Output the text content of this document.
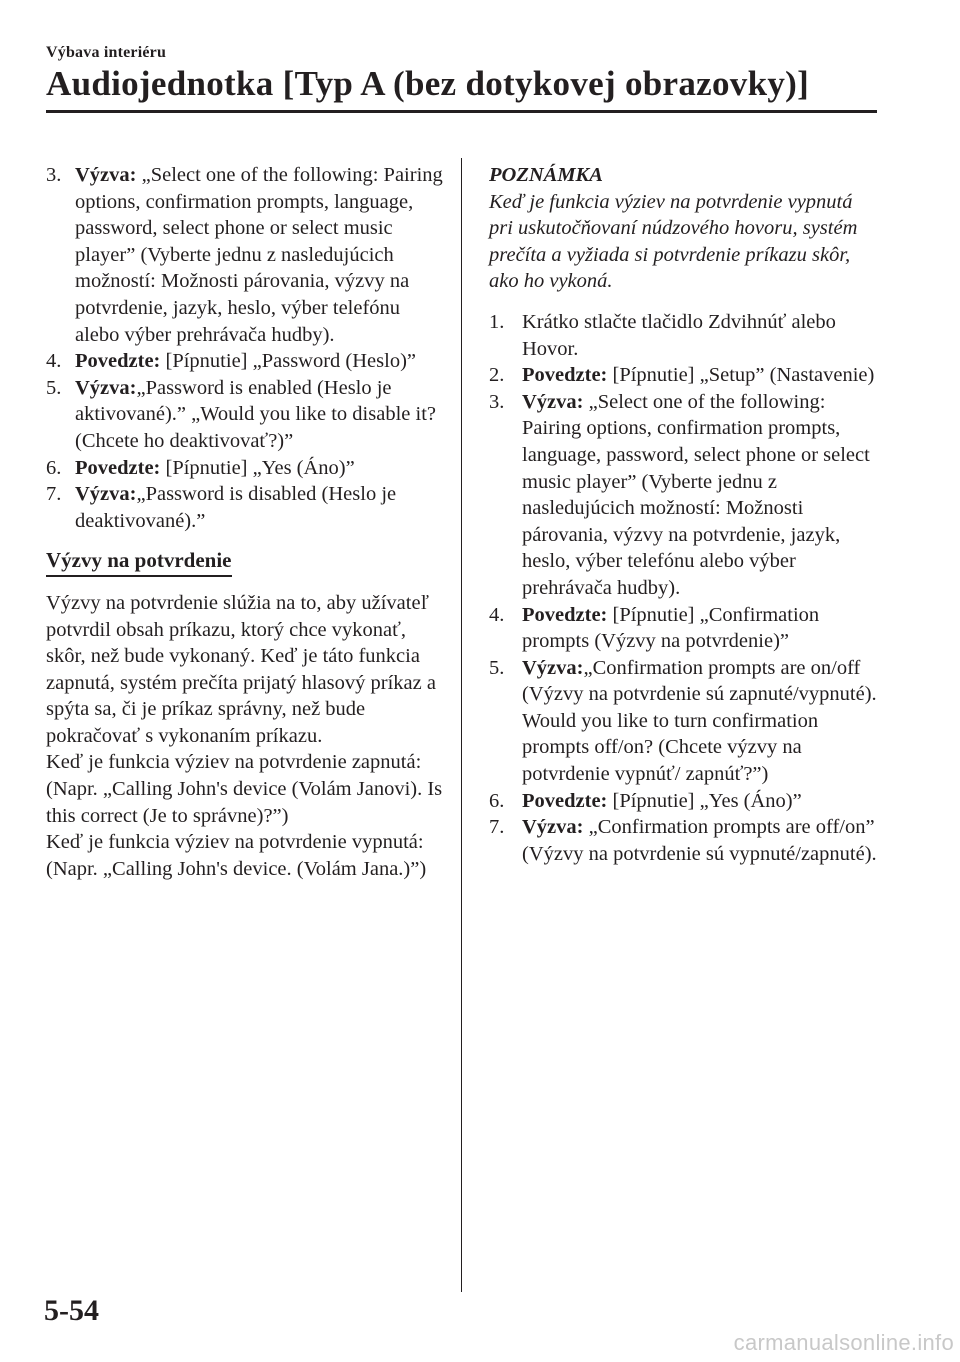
Výbava interiéru
Audiojednotka [Typ A (bez dotykovej obrazovky)]
3. Výzva: „Select one of the following: Pairing options, confirmation prompts, language, password, select phone or select music player” (Vyberte jednu z nasledujúcich možností: Možnosti párovania, výzvy na potvrdenie, jazyk, heslo, výber telefónu alebo výber prehrávača hudby).
4. Povedzte: [Pípnutie] „Password (Heslo)”
5. Výzva:„Password is enabled (Heslo je aktivované).” „Would you like to disable it? (Chcete ho deaktivovať?)”
6. Povedzte: [Pípnutie] „Yes (Áno)”
7. Výzva:„Password is disabled (Heslo je deaktivované).”
Výzvy na potvrdenie
Výzvy na potvrdenie slúžia na to, aby užívateľ potvrdil obsah príkazu, ktorý chce vykonať, skôr, než bude vykonaný. Keď je táto funkcia zapnutá, systém prečíta prijatý hlasový príkaz a spýta sa, či je príkaz správny, než bude pokračovať s vykonaním príkazu.
Keď je funkcia výziev na potvrdenie zapnutá:
(Napr. „Calling John's device (Volám Janovi). Is this correct (Je to správne)?”)
Keď je funkcia výziev na potvrdenie vypnutá:
(Napr. „Calling John's device. (Volám Jana.)”)
POZNÁMKA
Keď je funkcia výziev na potvrdenie vypnutá pri uskutočňovaní núdzového hovoru, systém prečíta a vyžiada si potvrdenie príkazu skôr, ako ho vykoná.
1. Krátko stlačte tlačidlo Zdvihnúť alebo Hovor.
2. Povedzte: [Pípnutie] „Setup” (Nastavenie)
3. Výzva: „Select one of the following: Pairing options, confirmation prompts, language, password, select phone or select music player” (Vyberte jednu z nasledujúcich možností: Možnosti párovania, výzvy na potvrdenie, jazyk, heslo, výber telefónu alebo výber prehrávača hudby).
4. Povedzte: [Pípnutie] „Confirmation prompts (Výzvy na potvrdenie)”
5. Výzva:„Confirmation prompts are on/off (Výzvy na potvrdenie sú zapnuté/vypnuté). Would you like to turn confirmation prompts off/on? (Chcete výzvy na potvrdenie vypnúť/ zapnúť?”)
6. Povedzte: [Pípnutie] „Yes (Áno)”
7. Výzva: „Confirmation prompts are off/on” (Výzvy na potvrdenie sú vypnuté/zapnuté).
5-54
carmanualsonline.info
